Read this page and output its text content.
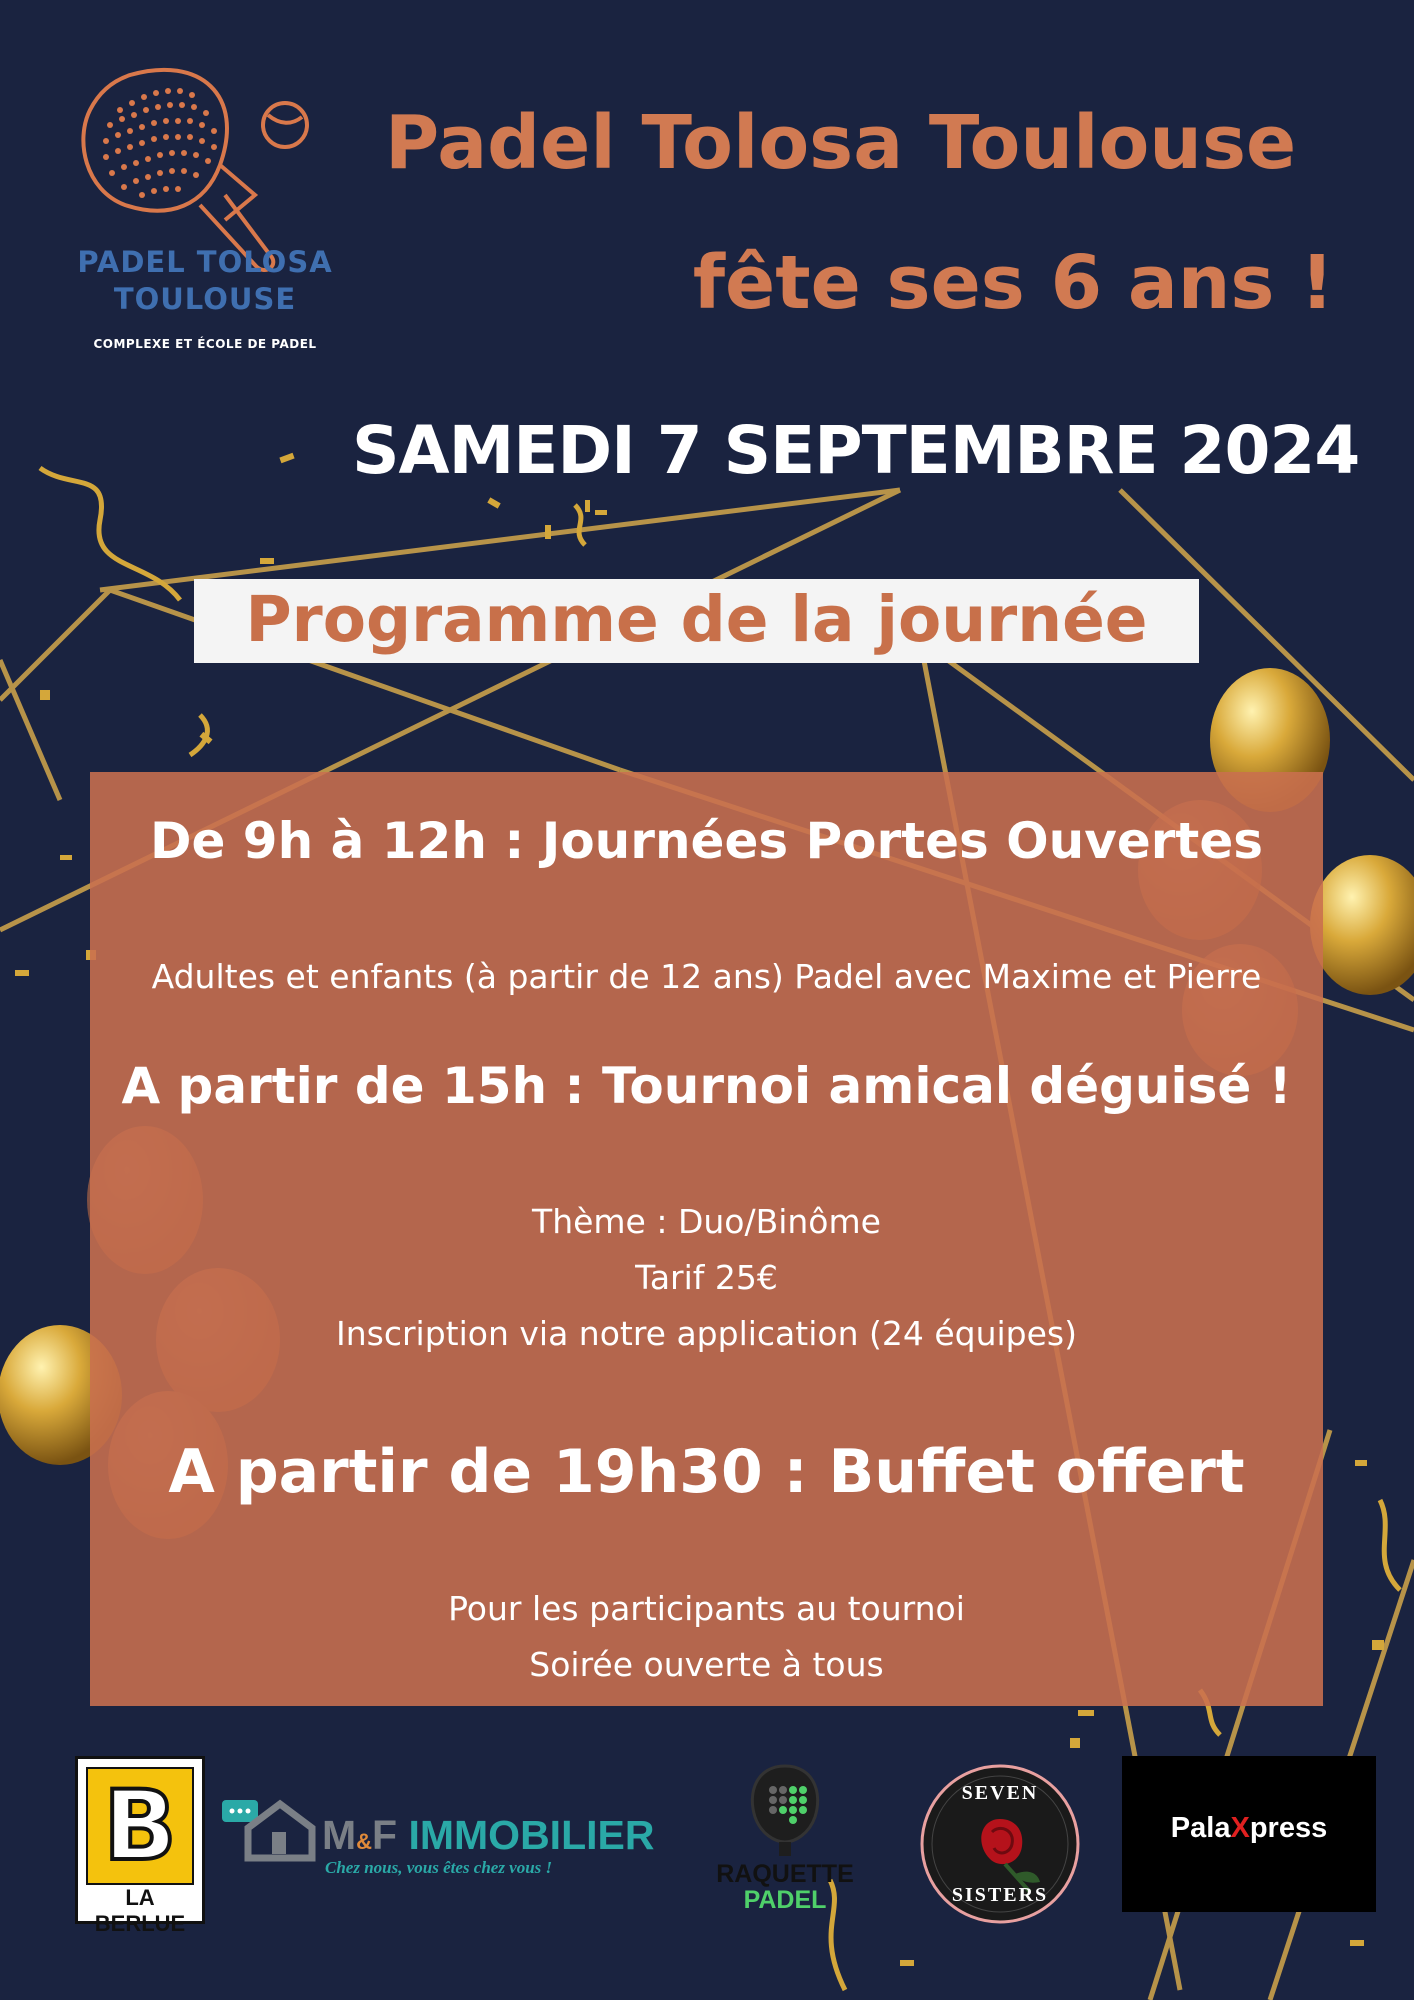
PADEL TOLOSA
TOULOUSE
COMPLEXE ET ÉCOLE DE PADEL
Padel Tolosa Toulouse
fête ses 6 ans !
SAMEDI 7 SEPTEMBRE 2024
Programme de la journée
De 9h à 12h : Journées Portes Ouvertes
Adultes et enfants (à partir de 12 ans) Padel avec Maxime et Pierre
A partir de 15h : Tournoi amical déguisé !
Thème : Duo/Binôme
Tarif 25€
Inscription via notre application (24 équipes)
A partir de 19h30 : Buffet offert
Pour les participants au tournoi
Soirée ouverte à tous
B
LA BERLUE
M&F IMMOBILIER
Chez nous, vous êtes chez vous !	RAQUETTE
PADEL
SEVEN
SISTERS
PalaXpress
